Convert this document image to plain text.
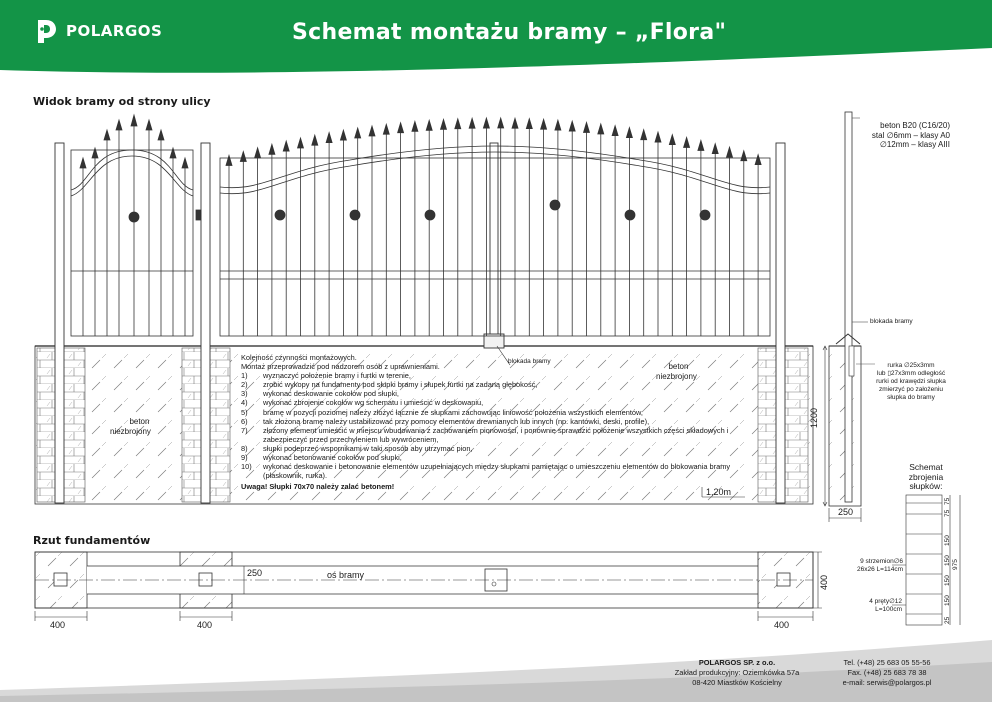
POLARGOS	Schemat montażu bramy – „Flora"
Widok bramy od strony ulicy
Rzut fundamentów
beton
niezbrojony
beton
niezbrojony
blokada bramy
blokada bramy
1,20m
1200
250
rurka ∅25x3mm
lub ▯27x3mm odległość
rurki od krawędzi słupka
zmierzyć po założeniu
słupka do bramy
beton B20 (C16/20)
stal ∅6mm – klasy A0
∅12mm – klasy AIII
Kolejność czynności montażowych.
Montaż przeprowadzić pod nadzorem osób z uprawnieniami.
1)	wyznaczyć położenie bramy i furtki w terenie,
2)	zrobić wykopy na fundamenty pod słupki bramy i słupek furtki na zadaną głębokość,
3)	wykonać deskowanie cokołów pod słupki,
4)	wykonać zbrojenie cokołów wg schematu i umieścić w deskowaniu,
5)	bramę w pozycji poziomej należy złożyć łącznie ze słupkami zachowując liniowość położenia wszystkich elementów,
6)	tak złożoną bramę należy ustabilizować przy pomocy elementów drewnianych lub innych (np. kantówki, deski, profile),
7)	złożony element umieścić w miejscu wbudowania z zachowaniem pionowości, i ponownie sprawdzić położenie wszystkich części składowych i zabezpieczyć przed przechyleniem lub wywróceniem,
8)	słupki podeprzeć wspornikami w taki sposób aby utrzymać pion,
9)	wykonać betonowanie cokołów pod słupki,
10)	wykonać deskowanie i betonowanie elementów uzupełniających między słupkami pamiętając o umieszczeniu elementów do blokowania bramy (płaskownik, rurka).
Uwaga! Słupki 70x70 należy zalać betonem!
Schemat
zbrojenia
słupków:
9 strzemion∅6
26x26 L=114cm
4 pręty∅12
L=100cm
75
75
150
150
150
150
25
975
250	oś bramy	400
400	400	400
POLARGOS SP. z o.o.
Zakład produkcyjny: Oziemkówka 57a
08-420 Miastków Kościelny
Tel. (+48) 25 683 05 55-56
Fax. (+48) 25 683 78 38
e-mail: serwis@polargos.pl
